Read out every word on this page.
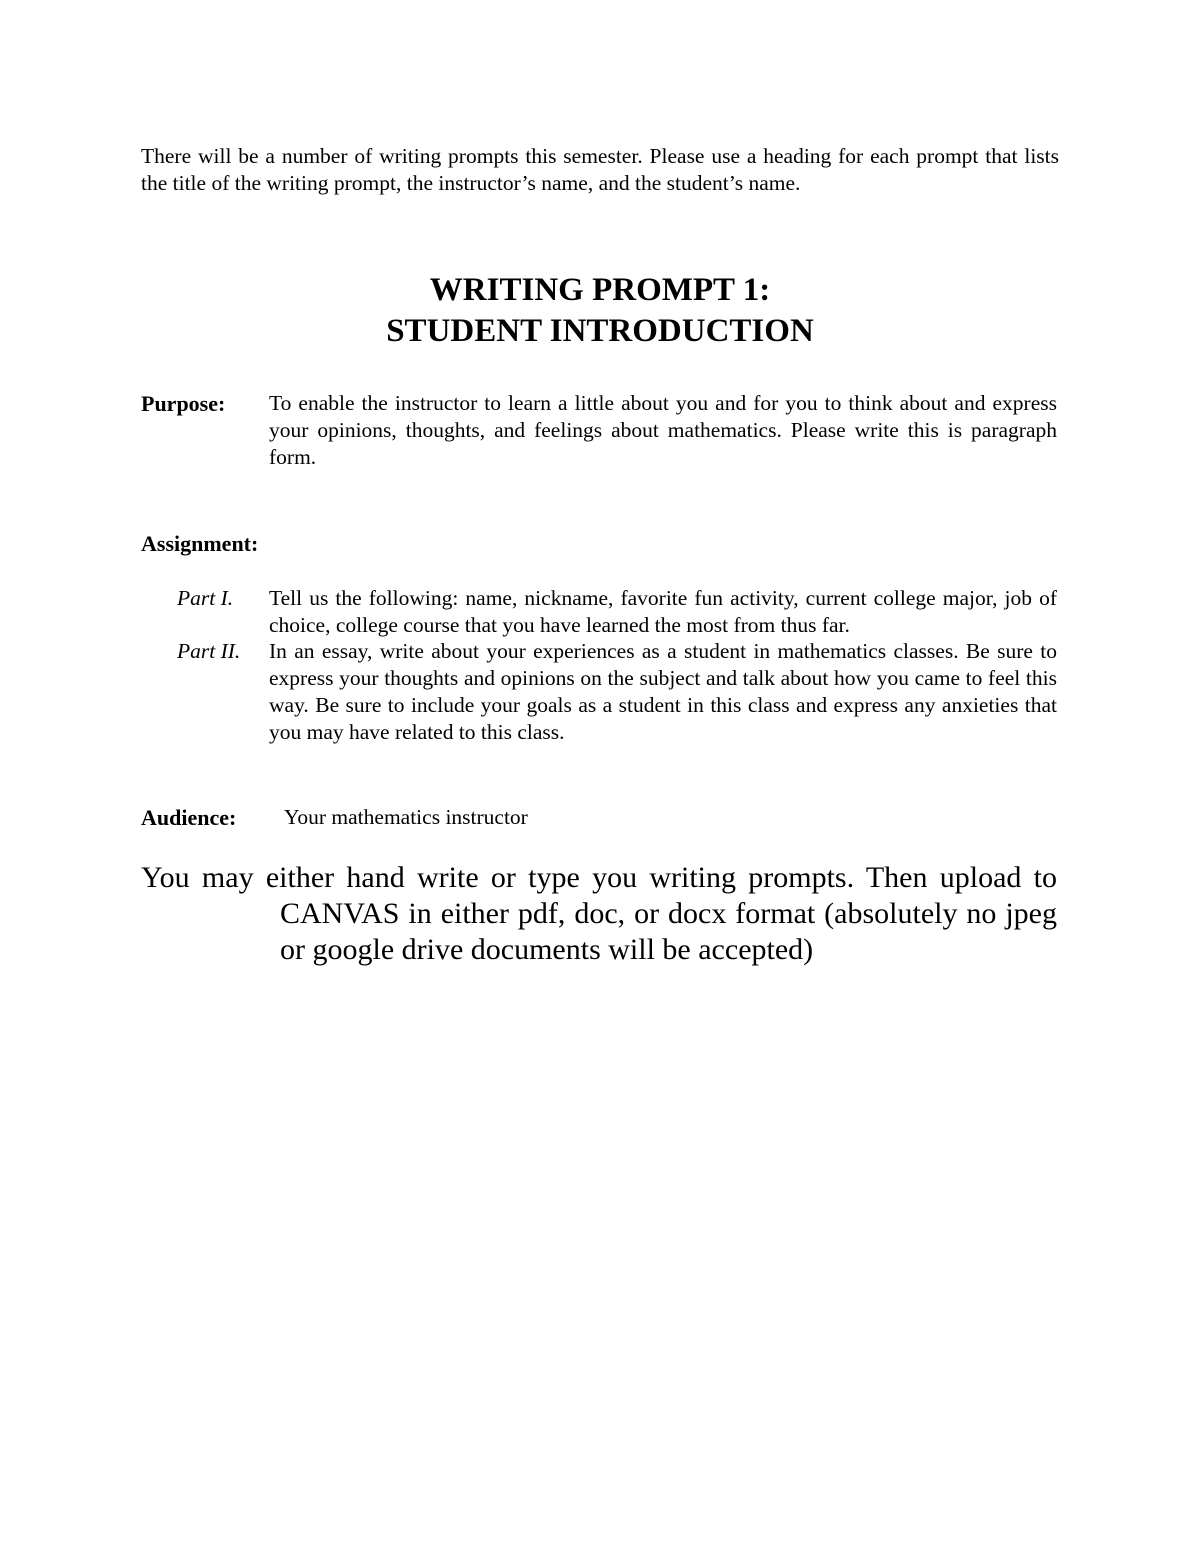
There will be a number of writing prompts this semester. Please use a heading for each prompt that lists the title of the writing prompt, the instructor’s name, and the student’s name.

WRITING PROMPT 1:
STUDENT INTRODUCTION
Purpose: To enable the instructor to learn a little about you and for you to think about and express your opinions, thoughts, and feelings about mathematics. Please write this is paragraph form.
Assignment:
Part I. Tell us the following: name, nickname, favorite fun activity, current college major, job of choice, college course that you have learned the most from thus far.
Part II. In an essay, write about your experiences as a student in mathematics classes. Be sure to express your thoughts and opinions on the subject and talk about how you came to feel this way. Be sure to include your goals as a student in this class and express any anxieties that you may have related to this class.
Audience: Your mathematics instructor
You may either hand write or type you writing prompts. Then upload to
CANVAS in either pdf, doc, or docx format (absolutely no jpeg or google drive documents will be accepted)
